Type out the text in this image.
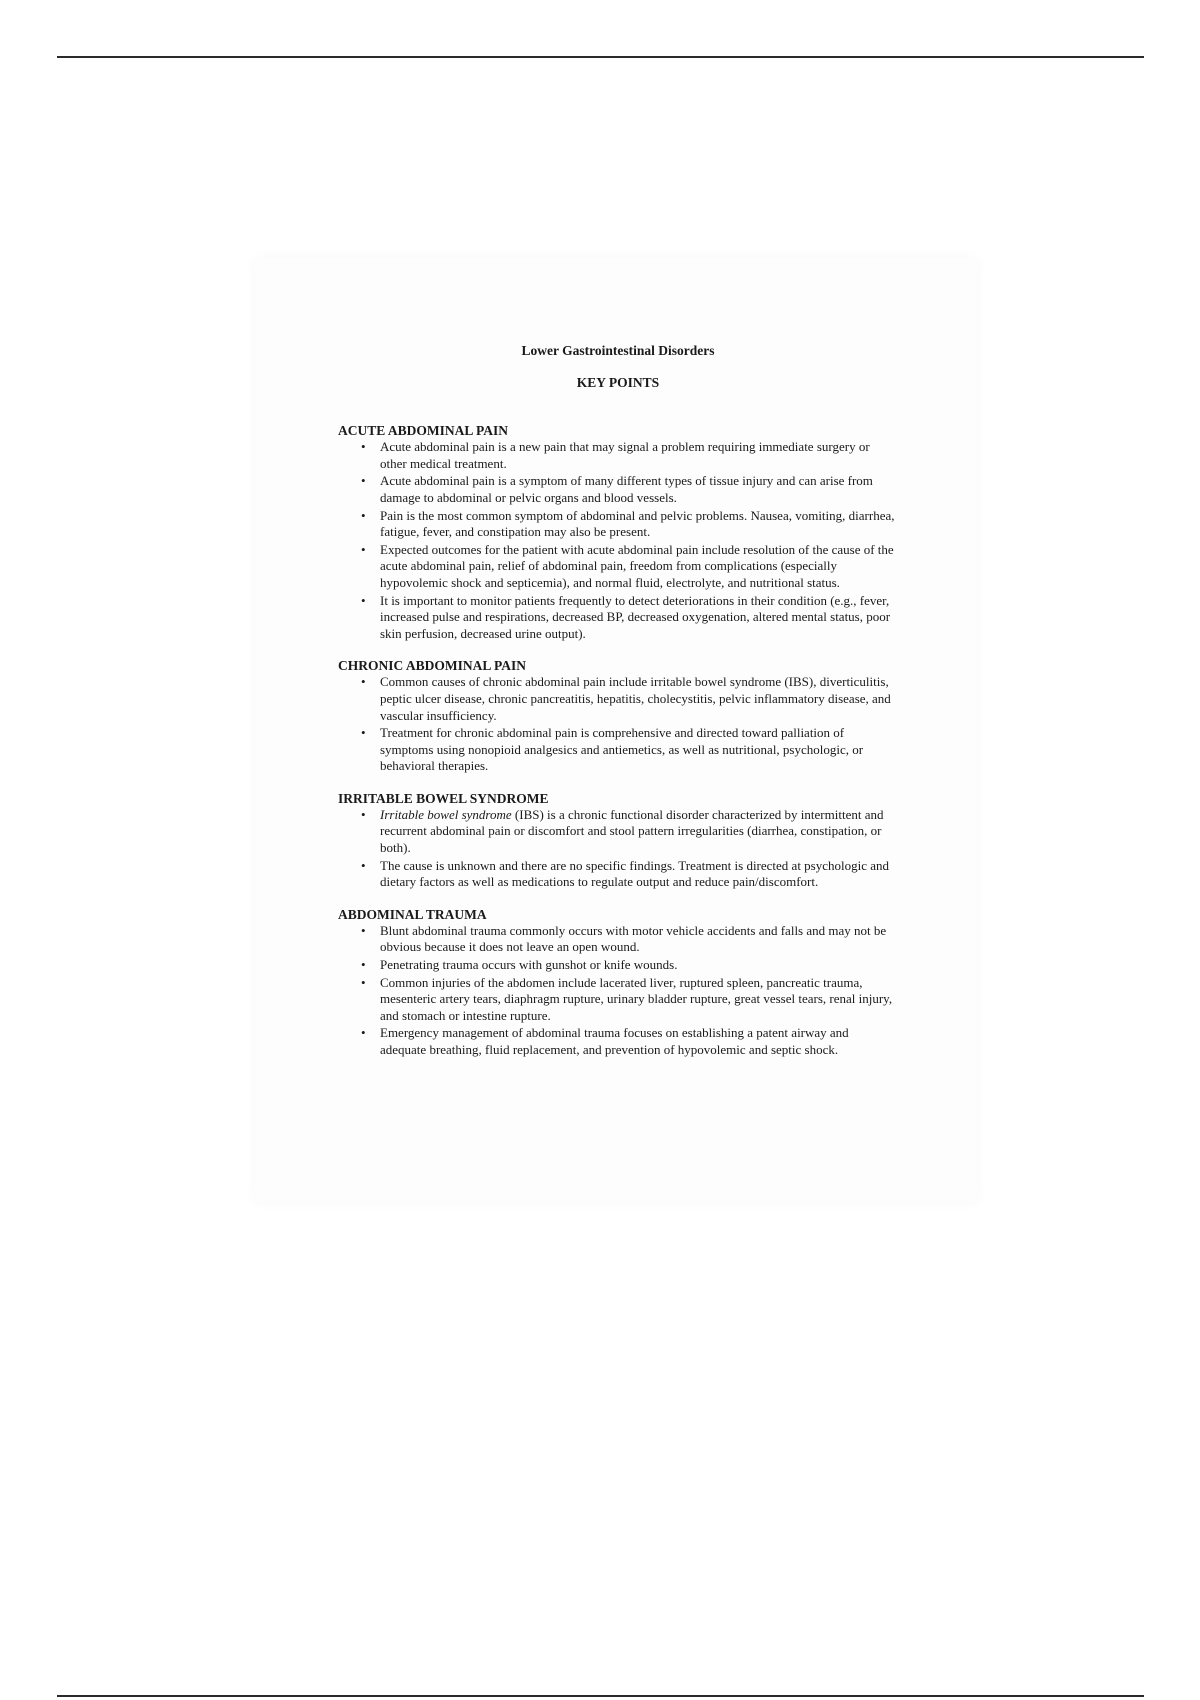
Lower Gastrointestinal Disorders
KEY POINTS
ACUTE ABDOMINAL PAIN
• Acute abdominal pain is a new pain that may signal a problem requiring immediate surgery or other medical treatment.
• Acute abdominal pain is a symptom of many different types of tissue injury and can arise from damage to abdominal or pelvic organs and blood vessels.
• Pain is the most common symptom of abdominal and pelvic problems. Nausea, vomiting, diarrhea, fatigue, fever, and constipation may also be present.
• Expected outcomes for the patient with acute abdominal pain include resolution of the cause of the acute abdominal pain, relief of abdominal pain, freedom from complications (especially hypovolemic shock and septicemia), and normal fluid, electrolyte, and nutritional status.
• It is important to monitor patients frequently to detect deteriorations in their condition (e.g., fever, increased pulse and respirations, decreased BP, decreased oxygenation, altered mental status, poor skin perfusion, decreased urine output).
CHRONIC ABDOMINAL PAIN
• Common causes of chronic abdominal pain include irritable bowel syndrome (IBS), diverticulitis, peptic ulcer disease, chronic pancreatitis, hepatitis, cholecystitis, pelvic inflammatory disease, and vascular insufficiency.
• Treatment for chronic abdominal pain is comprehensive and directed toward palliation of symptoms using nonopioid analgesics and antiemetics, as well as nutritional, psychologic, or behavioral therapies.
IRRITABLE BOWEL SYNDROME
• Irritable bowel syndrome (IBS) is a chronic functional disorder characterized by intermittent and recurrent abdominal pain or discomfort and stool pattern irregularities (diarrhea, constipation, or both).
• The cause is unknown and there are no specific findings. Treatment is directed at psychologic and dietary factors as well as medications to regulate output and reduce pain/discomfort.
ABDOMINAL TRAUMA
• Blunt abdominal trauma commonly occurs with motor vehicle accidents and falls and may not be obvious because it does not leave an open wound.
• Penetrating trauma occurs with gunshot or knife wounds.
• Common injuries of the abdomen include lacerated liver, ruptured spleen, pancreatic trauma, mesenteric artery tears, diaphragm rupture, urinary bladder rupture, great vessel tears, renal injury, and stomach or intestine rupture.
• Emergency management of abdominal trauma focuses on establishing a patent airway and adequate breathing, fluid replacement, and prevention of hypovolemic and septic shock.
